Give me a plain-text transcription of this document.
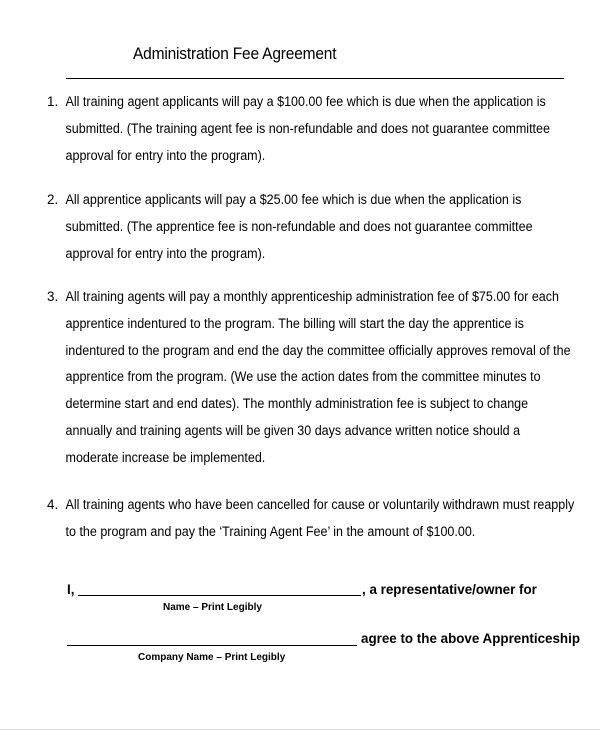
Administration Fee Agreement
1. All training agent applicants will pay a $100.00 fee which is due when the application is
submitted. (The training agent fee is non-refundable and does not guarantee committee
approval for entry into the program).
2. All apprentice applicants will pay a $25.00 fee which is due when the application is
submitted. (The apprentice fee is non-refundable and does not guarantee committee
approval for entry into the program).
3. All training agents will pay a monthly apprenticeship administration fee of $75.00 for each
apprentice indentured to the program. The billing will start the day the apprentice is
indentured to the program and end the day the committee officially approves removal of the
apprentice from the program. (We use the action dates from the committee minutes to
determine start and end dates). The monthly administration fee is subject to change
annually and training agents will be given 30 days advance written notice should a
moderate increase be implemented.
4. All training agents who have been cancelled for cause or voluntarily withdrawn must reapply
to the program and pay the ‘Training Agent Fee’ in the amount of $100.00.
I,	, a representative/owner for
Name – Print Legibly
agree to the above Apprenticeship
Company Name – Print Legibly
